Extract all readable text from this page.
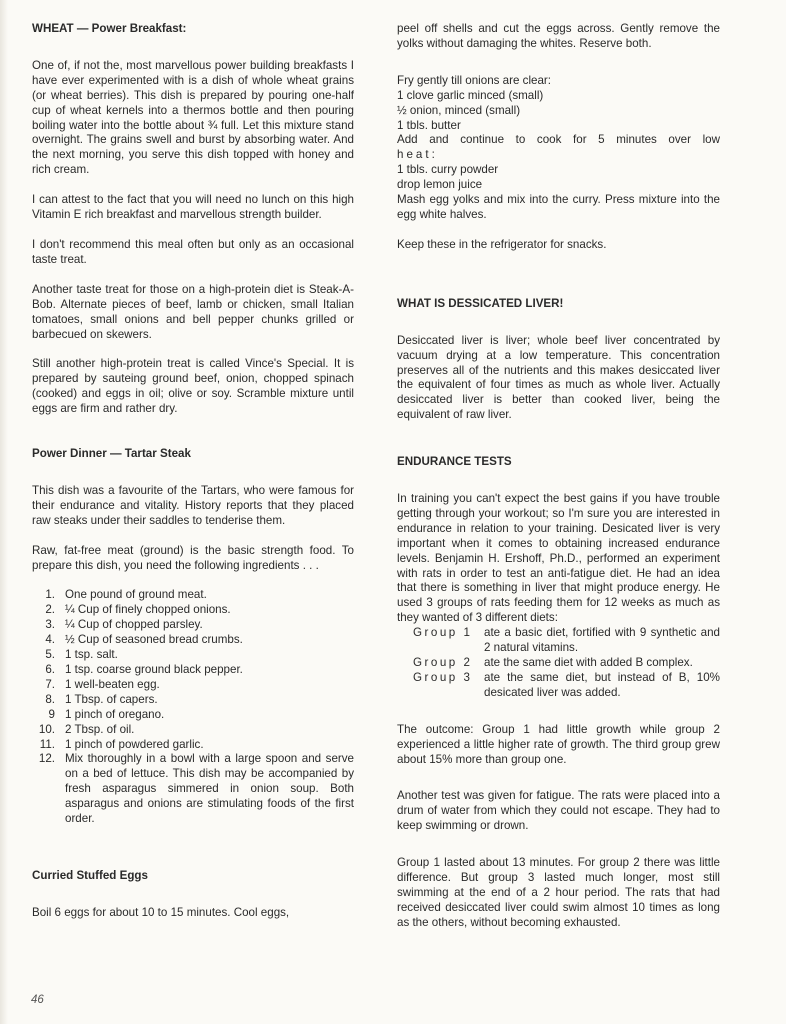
WHEAT — Power Breakfast:

One of, if not the, most marvellous power building breakfasts I have ever experimented with is a dish of whole wheat grains (or wheat berries). This dish is prepared by pouring one-half cup of wheat kernels into a thermos bottle and then pouring boiling water into the bottle about ¾ full. Let this mixture stand overnight. The grains swell and burst by absorbing water. And the next morning, you serve this dish topped with honey and rich cream.

I can attest to the fact that you will need no lunch on this high Vitamin E rich breakfast and marvellous strength builder.

I don't recommend this meal often but only as an occasional taste treat.

Another taste treat for those on a high-protein diet is Steak-A-Bob. Alternate pieces of beef, lamb or chicken, small Italian tomatoes, small onions and bell pepper chunks grilled or barbecued on skewers.

Still another high-protein treat is called Vince's Special. It is prepared by sauteing ground beef, onion, chopped spinach (cooked) and eggs in oil; olive or soy. Scramble mixture until eggs are firm and rather dry.

Power Dinner — Tartar Steak

This dish was a favourite of the Tartars, who were famous for their endurance and vitality. History reports that they placed raw steaks under their saddles to tenderise them.

Raw, fat-free meat (ground) is the basic strength food. To prepare this dish, you need the following ingredients . . .

1. One pound of ground meat.
2. ¼ Cup of finely chopped onions.
3. ¼ Cup of chopped parsley.
4. ½ Cup of seasoned bread crumbs.
5. 1 tsp. salt.
6. 1 tsp. coarse ground black pepper.
7. 1 well-beaten egg.
8. 1 Tbsp. of capers.
9 1 pinch of oregano.
10. 2 Tbsp. of oil.
11. 1 pinch of powdered garlic.
12. Mix thoroughly in a bowl with a large spoon and serve on a bed of lettuce. This dish may be accompanied by fresh asparagus simmered in onion soup. Both asparagus and onions are stimulating foods of the first order.

Curried Stuffed Eggs

Boil 6 eggs for about 10 to 15 minutes. Cool eggs,

peel off shells and cut the eggs across. Gently remove the yolks without damaging the whites. Reserve both.

Fry gently till onions are clear:

1 clove garlic minced (small)

½ onion, minced (small)

1 tbls. butter

Add and continue to cook for 5 minutes over low

heat:

1 tbls. curry powder

drop lemon juice

Mash egg yolks and mix into the curry. Press mixture into the egg white halves.

Keep these in the refrigerator for snacks.

WHAT IS DESSICATED LIVER!

Desiccated liver is liver; whole beef liver concentrated by vacuum drying at a low temperature. This concentration preserves all of the nutrients and this makes desiccated liver the equivalent of four times as much as whole liver. Actually desiccated liver is better than cooked liver, being the equivalent of raw liver.

ENDURANCE TESTS

In training you can't expect the best gains if you have trouble getting through your workout; so I'm sure you are interested in endurance in relation to your training. Desicated liver is very important when it comes to obtaining increased endurance levels. Benjamin H. Ershoff, Ph.D., performed an experiment with rats in order to test an anti-fatigue diet. He had an idea that there is something in liver that might produce energy. He used 3 groups of rats feeding them for 12 weeks as much as they wanted of 3 different diets:

Group 1 ate a basic diet, fortified with 9 synthetic and 2 natural vitamins.
Group 2 ate the same diet with added B complex.
Group 3 ate the same diet, but instead of B, 10% desicated liver was added.

The outcome: Group 1 had little growth while group 2 experienced a little higher rate of growth. The third group grew about 15% more than group one.

Another test was given for fatigue. The rats were placed into a drum of water from which they could not escape. They had to keep swimming or drown.

Group 1 lasted about 13 minutes. For group 2 there was little difference. But group 3 lasted much longer, most still swimming at the end of a 2 hour period. The rats that had received desiccated liver could swim almost 10 times as long as the others, without becoming exhausted.

46
